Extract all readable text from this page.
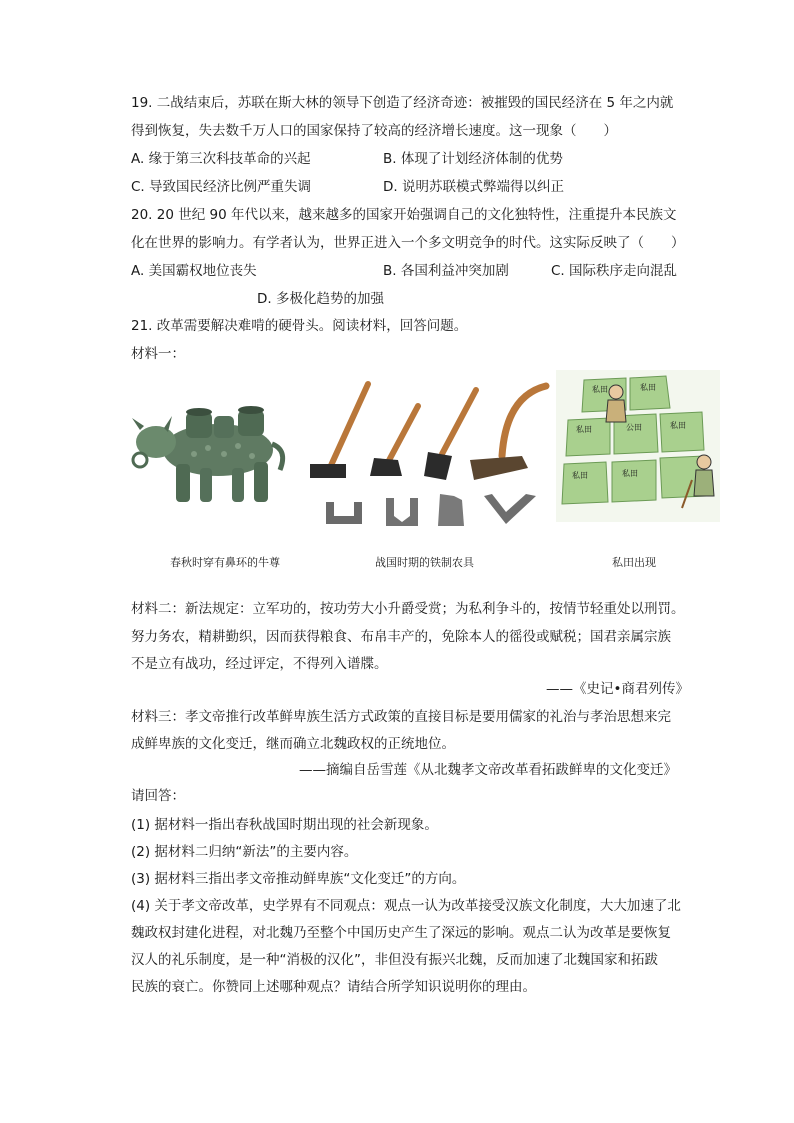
19. 二战结束后，苏联在斯大林的领导下创造了经济奇迹：被摧毁的国民经济在 5 年之内就
得到恢复，失去数千万人口的国家保持了较高的经济增长速度。这一现象（　　）
A. 缘于第三次科技革命的兴起	B. 体现了计划经济体制的优势
C. 导致国民经济比例严重失调	D. 说明苏联模式弊端得以纠正
20. 20 世纪 90 年代以来，越来越多的国家开始强调自己的文化独特性，注重提升本民族文
化在世界的影响力。有学者认为，世界正进入一个多文明竞争的时代。这实际反映了（　　）
A. 美国霸权地位丧失	B. 各国利益冲突加剧	C. 国际秩序走向混乱
D. 多极化趋势的加强
21. 改革需要解决难啃的硬骨头。阅读材料，回答问题。
材料一：
私田	私田
私田	公田	私田
私田	私田
春秋时穿有鼻环的牛尊	战国时期的铁制农具	私田出现
材料二：新法规定：立军功的，按功劳大小升爵受赏；为私利争斗的，按情节轻重处以刑罚。
努力务农，精耕勤织，因而获得粮食、布帛丰产的，免除本人的徭役或赋税；国君亲属宗族
不是立有战功，经过评定，不得列入谱牒。
——《史记•商君列传》
材料三：孝文帝推行改革鲜卑族生活方式政策的直接目标是要用儒家的礼治与孝治思想来完
成鲜卑族的文化变迁，继而确立北魏政权的正统地位。
——摘编自岳雪莲《从北魏孝文帝改革看拓跋鲜卑的文化变迁》
请回答：
(1) 据材料一指出春秋战国时期出现的社会新现象。
(2) 据材料二归纳“新法”的主要内容。
(3) 据材料三指出孝文帝推动鲜卑族“文化变迁”的方向。
(4) 关于孝文帝改革，史学界有不同观点：观点一认为改革接受汉族文化制度，大大加速了北
魏政权封建化进程，对北魏乃至整个中国历史产生了深远的影响。观点二认为改革是要恢复
汉人的礼乐制度，是一种“消极的汉化”，非但没有振兴北魏，反而加速了北魏国家和拓跋
民族的衰亡。你赞同上述哪种观点？请结合所学知识说明你的理由。
